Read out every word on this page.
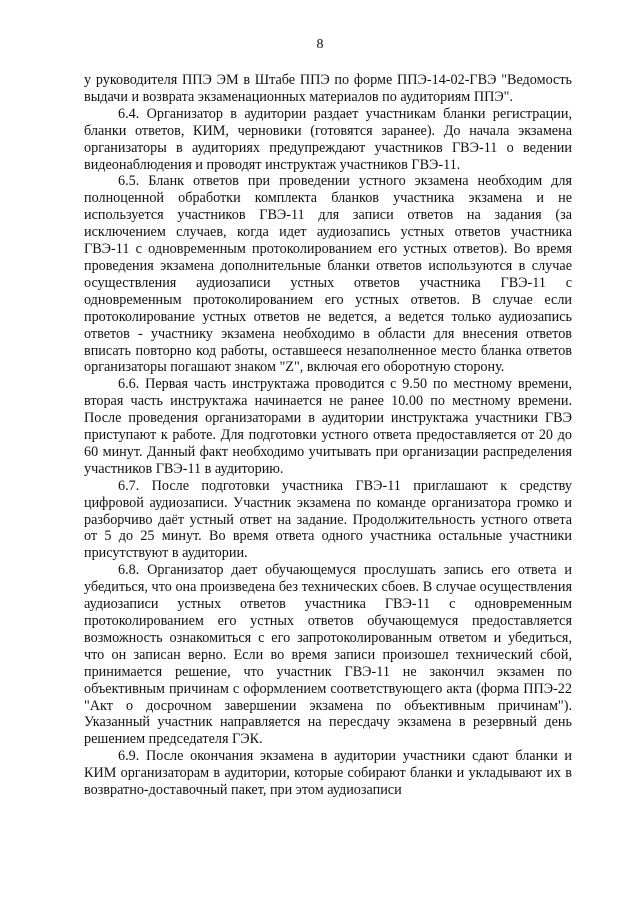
8

у руководителя ППЭ ЭМ в Штабе ППЭ по форме ППЭ-14-02-ГВЭ "Ведомость выдачи и возврата экзаменационных материалов по аудиториям ППЭ".

6.4. Организатор в аудитории раздает участникам бланки регистрации, бланки ответов, КИМ, черновики (готовятся заранее). До начала экзамена организаторы в аудиториях предупреждают участников ГВЭ-11 о ведении видеонаблюдения и проводят инструктаж участников ГВЭ-11.

6.5. Бланк ответов при проведении устного экзамена необходим для полноценной обработки комплекта бланков участника экзамена и не используется участников ГВЭ-11 для записи ответов на задания (за исключением случаев, когда идет аудиозапись устных ответов участника ГВЭ-11 с одновременным протоколированием его устных ответов). Во время проведения экзамена дополнительные бланки ответов используются в случае осуществления аудиозаписи устных ответов участника ГВЭ-11 с одновременным протоколированием его устных ответов. В случае если протоколирование устных ответов не ведется, а ведется только аудиозапись ответов - участнику экзамена необходимо в области для внесения ответов вписать повторно код работы, оставшееся незаполненное место бланка ответов организаторы погашают знаком "Z", включая его оборотную сторону.

6.6. Первая часть инструктажа проводится с 9.50 по местному времени, вторая часть инструктажа начинается не ранее 10.00 по местному времени. После проведения организаторами в аудитории инструктажа участники ГВЭ приступают к работе. Для подготовки устного ответа предоставляется от 20 до 60 минут. Данный факт необходимо учитывать при организации распределения участников ГВЭ-11 в аудиторию.

6.7. После подготовки участника ГВЭ-11 приглашают к средству цифровой аудиозаписи. Участник экзамена по команде организатора громко и разборчиво даёт устный ответ на задание. Продолжительность устного ответа от 5 до 25 минут. Во время ответа одного участника остальные участники присутствуют в аудитории.

6.8. Организатор дает обучающемуся прослушать запись его ответа и убедиться, что она произведена без технических сбоев. В случае осуществления аудиозаписи устных ответов участника ГВЭ-11 с одновременным протоколированием его устных ответов обучающемуся предоставляется возможность ознакомиться с его запротоколированным ответом и убедиться, что он записан верно. Если во время записи произошел технический сбой, принимается решение, что участник ГВЭ-11 не закончил экзамен по объективным причинам с оформлением соответствующего акта (форма ППЭ-22 "Акт о досрочном завершении экзамена по объективным причинам"). Указанный участник направляется на пересдачу экзамена в резервный день решением председателя ГЭК.

6.9. После окончания экзамена в аудитории участники сдают бланки и КИМ организаторам в аудитории, которые собирают бланки и укладывают их в возвратно-доставочный пакет, при этом аудиозаписи
